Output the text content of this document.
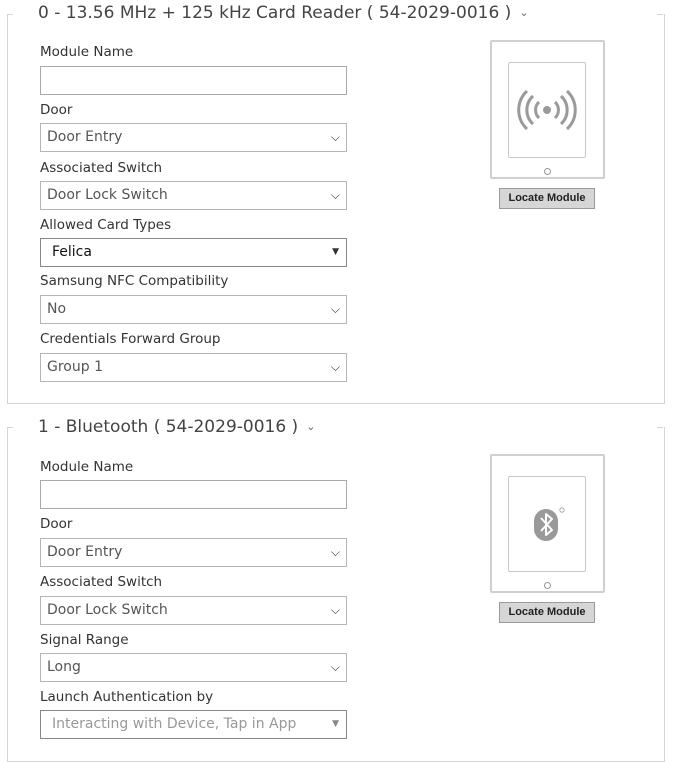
0 - 13.56 MHz + 125 kHz Card Reader ( 54-2029-0016 ) ⌄
Module Name
Door
Door Entry	⌵
Associated Switch
Door Lock Switch	⌵
Allowed Card Types
Felica	▼
Samsung NFC Compatibility
No	⌵
Credentials Forward Group
Group 1	⌵
Locate Module
1 - Bluetooth ( 54-2029-0016 ) ⌄
Module Name
Door
Door Entry	⌵
Associated Switch
Door Lock Switch	⌵
Signal Range
Long	⌵
Launch Authentication by
Interacting with Device, Tap in App	▼
Locate Module
